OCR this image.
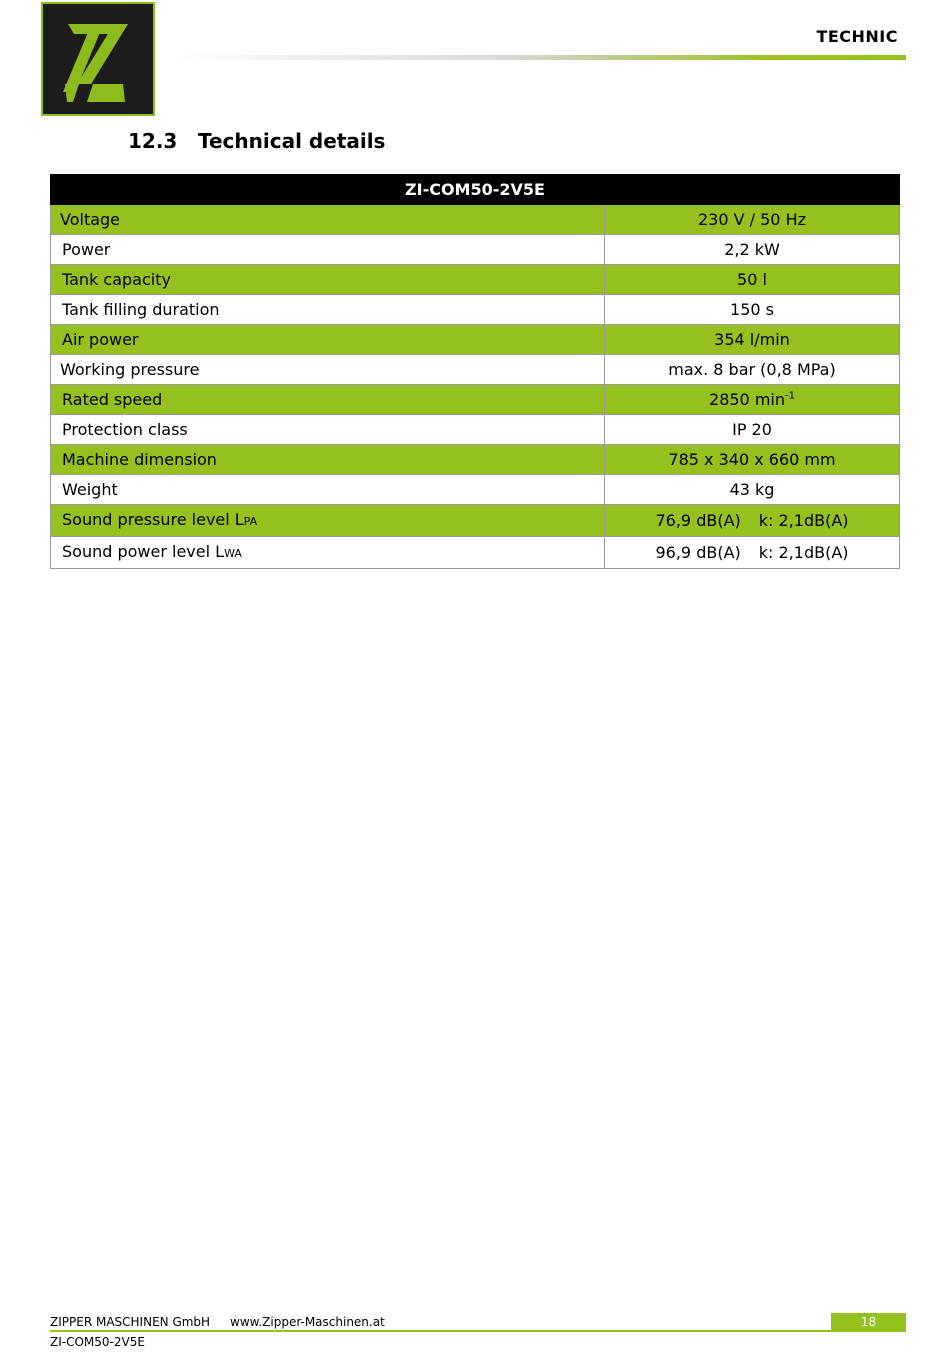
TECHNIC
12.3 Technical details
ZI-COM50-2V5E	
Voltage	230 V / 50 Hz
Power	2,2 kW
Tank capacity	50 l
Tank filling duration	150 s
Air power	354 l/min
Working pressure	max. 8 bar (0,8 MPa)
Rated speed	2850 $\min^{-1}$
Protection class	IP 20
Machine dimension	785 x 340 x 660 mm
Weight	43 kg
Sound pressure level LPA	76,9 dB(A) k: 2,1dB(A)
Sound power level LWA	96,9 dB(A) k: 2,1dB(A)
ZIPPER MASCHINEN GmbH www.Zipper-Maschinen.at	18
ZI-COM50-2V5E
